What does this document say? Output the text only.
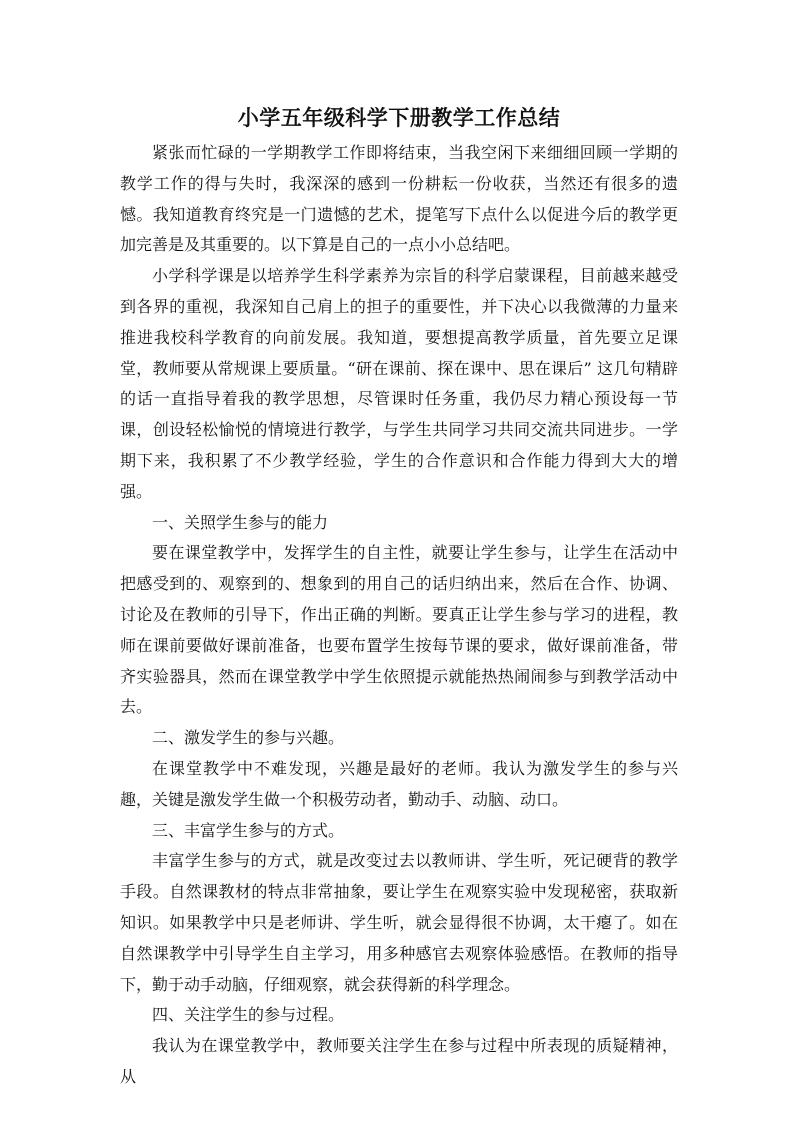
小学五年级科学下册教学工作总结

紧张而忙碌的一学期教学工作即将结束，当我空闲下来细细回顾一学期的教学工作的得与失时，我深深的感到一份耕耘一份收获，当然还有很多的遗憾。我知道教育终究是一门遗憾的艺术，提笔写下点什么以促进今后的教学更加完善是及其重要的。以下算是自己的一点小小总结吧。

小学科学课是以培养学生科学素养为宗旨的科学启蒙课程，目前越来越受到各界的重视，我深知自己肩上的担子的重要性，并下决心以我微薄的力量来推进我校科学教育的向前发展。我知道，要想提高教学质量，首先要立足课堂，教师要从常规课上要质量。“研在课前、探在课中、思在课后” 这几句精辟的话一直指导着我的教学思想，尽管课时任务重，我仍尽力精心预设每一节课，创设轻松愉悦的情境进行教学，与学生共同学习共同交流共同进步。一学期下来，我积累了不少教学经验，学生的合作意识和合作能力得到大大的增强。

一、关照学生参与的能力

要在课堂教学中，发挥学生的自主性，就要让学生参与，让学生在活动中把感受到的、观察到的、想象到的用自己的话归纳出来，然后在合作、协调、讨论及在教师的引导下，作出正确的判断。要真正让学生参与学习的进程，教师在课前要做好课前准备，也要布置学生按每节课的要求，做好课前准备，带齐实验器具，然而在课堂教学中学生依照提示就能热热闹闹参与到教学活动中去。

二、激发学生的参与兴趣。

在课堂教学中不难发现，兴趣是最好的老师。我认为激发学生的参与兴趣，关键是激发学生做一个积极劳动者，勤动手、动脑、动口。

三、丰富学生参与的方式。

丰富学生参与的方式，就是改变过去以教师讲、学生听，死记硬背的教学手段。自然课教材的特点非常抽象，要让学生在观察实验中发现秘密，获取新知识。如果教学中只是老师讲、学生听，就会显得很不协调，太干瘪了。如在自然课教学中引导学生自主学习，用多种感官去观察体验感悟。在教师的指导下，勤于动手动脑，仔细观察，就会获得新的科学理念。

四、关注学生的参与过程。

我认为在课堂教学中，教师要关注学生在参与过程中所表现的质疑精神，从
